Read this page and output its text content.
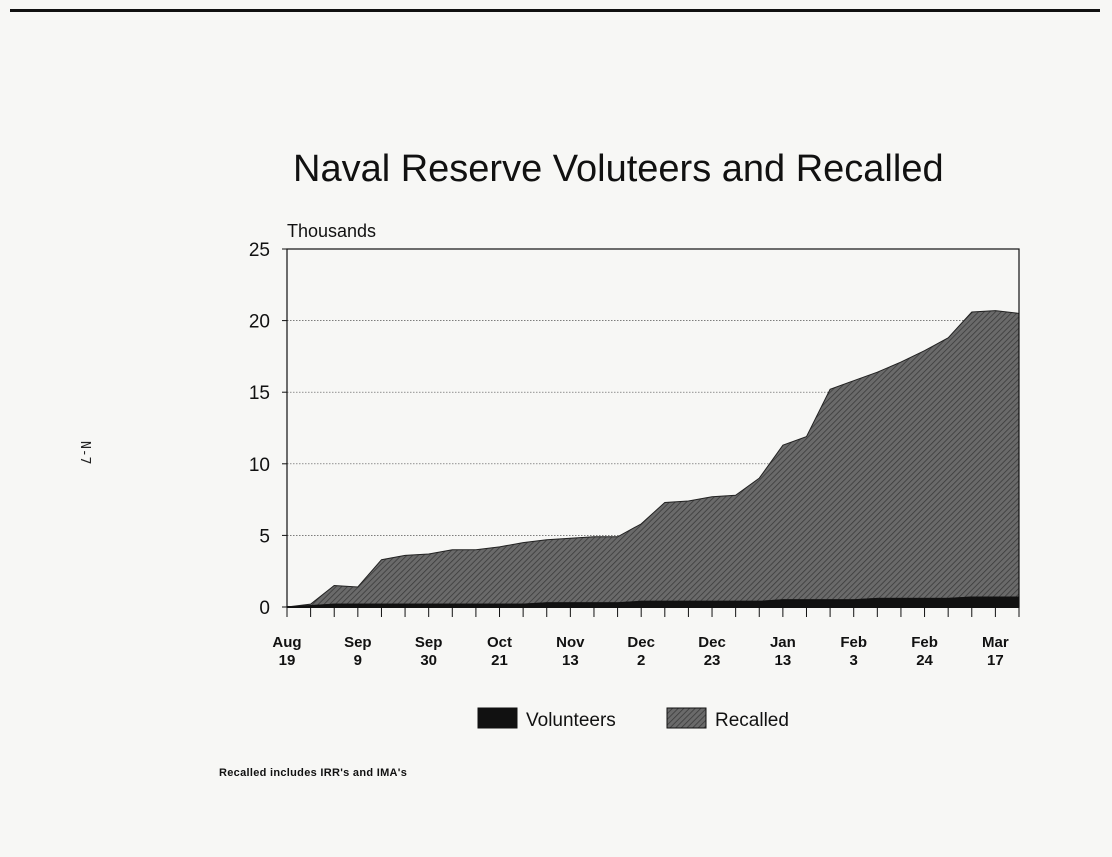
Naval Reserve Voluteers and Recalled
N-7
0
5
10
15
20
25
Thousands
Aug
19
Sep
9
Sep
30
Oct
21
Nov
13
Dec
2
Dec
23
Jan
13
Feb
3
Feb
24
Mar
17
Volunteers	Recalled
Recalled includes IRR's and IMA's
